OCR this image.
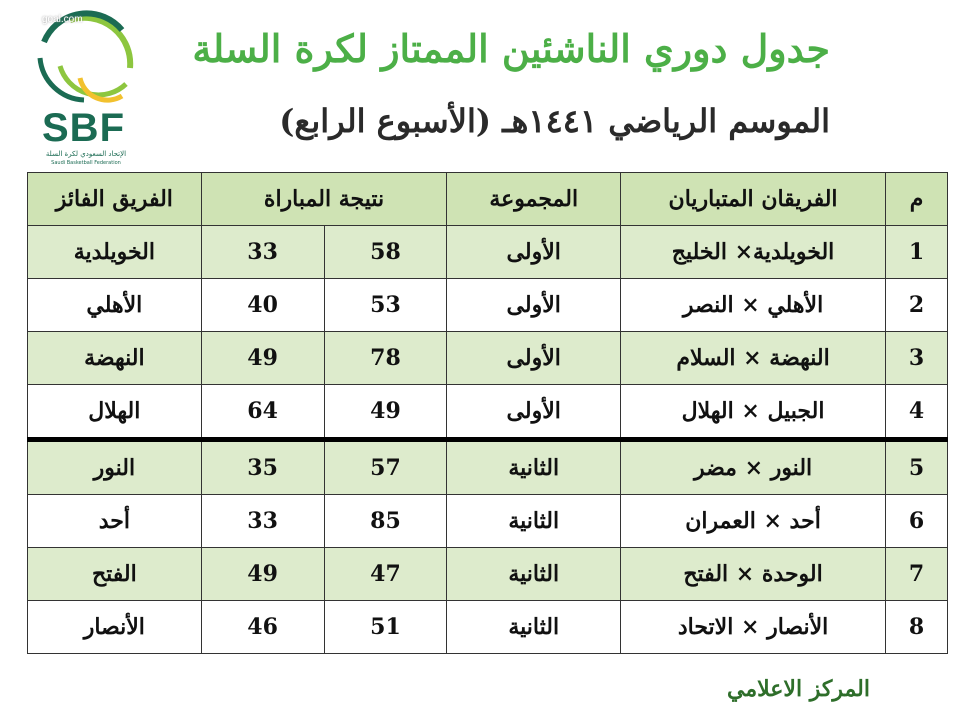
goal.com
SBF
الإتحاد السعودي لكرة السلة
Saudi Basketball Federation
جدول دوري الناشئين الممتاز لكرة السلة
الموسم الرياضي ١٤٤١هـ (الأسبوع الرابع)
م	الفريقان المتباريان	المجموعة	نتيجة المباراة		الفريق الفائز
1	الخويلدية× الخليج	الأولى	58	33	الخويلدية
2	الأهلي × النصر	الأولى	53	40	الأهلي
3	النهضة × السلام	الأولى	78	49	النهضة
4	الجبيل × الهلال	الأولى	49	64	الهلال
5	النور × مضر	الثانية	57	35	النور
6	أحد × العمران	الثانية	85	33	أحد
7	الوحدة × الفتح	الثانية	47	49	الفتح
8	الأنصار × الاتحاد	الثانية	51	46	الأنصار
المركز الاعلامي
